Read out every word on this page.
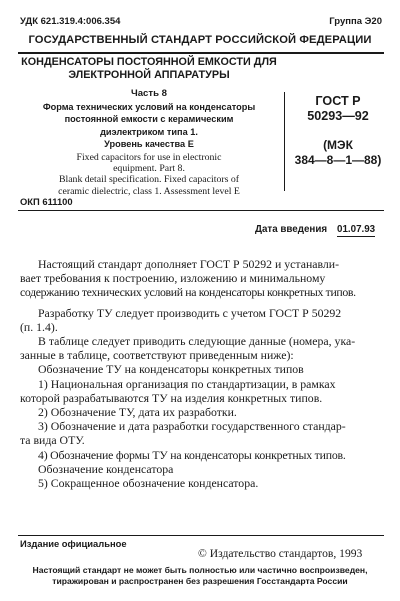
УДК 621.319.4:006.354	Группа Э20
ГОСУДАРСТВЕННЫЙ СТАНДАРТ РОССИЙСКОЙ ФЕДЕРАЦИИ
КОНДЕНСАТОРЫ ПОСТОЯННОЙ ЕМКОСТИ ДЛЯ
ЭЛЕКТРОННОЙ АППАРАТУРЫ
Часть 8
Форма технических условий на конденсаторы
постоянной емкости с керамическим
диэлектриком типа 1.
Уровень качества E
Fixed capacitors for use in electronic
equipment. Part 8.
Blank detail specification. Fixed capacitors of
ceramic dielectric, class 1. Assessment level E
ОКП 611100
ГОСТ Р
50293—92
(МЭК
384—8—1—88)
Дата введения 01.07.93
Настоящий стандарт дополняет ГОСТ Р 50292 и устанавли-
вает требования к построению, изложению и минимальному
содержанию технических условий на конденсаторы конкретных типов.
Разработку ТУ следует производить с учетом ГОСТ Р 50292
(п. 1.4).
В таблице следует приводить следующие данные (номера, ука-
занные в таблице, соответствуют приведенным ниже):
Обозначение ТУ на конденсаторы конкретных типов
1) Национальная организация по стандартизации, в рамках
которой разрабатываются ТУ на изделия конкретных типов.
2) Обозначение ТУ, дата их разработки.
3) Обозначение и дата разработки государственного стандар-
та вида ОТУ.
4) Обозначение формы ТУ на конденсаторы конкретных типов.
Обозначение конденсатора
5) Сокращенное обозначение конденсатора.
Издание официальное
© Издательство стандартов, 1993
Настоящий стандарт не может быть полностью или частично воспроизведен,
тиражирован и распространен без разрешения Госстандарта России
